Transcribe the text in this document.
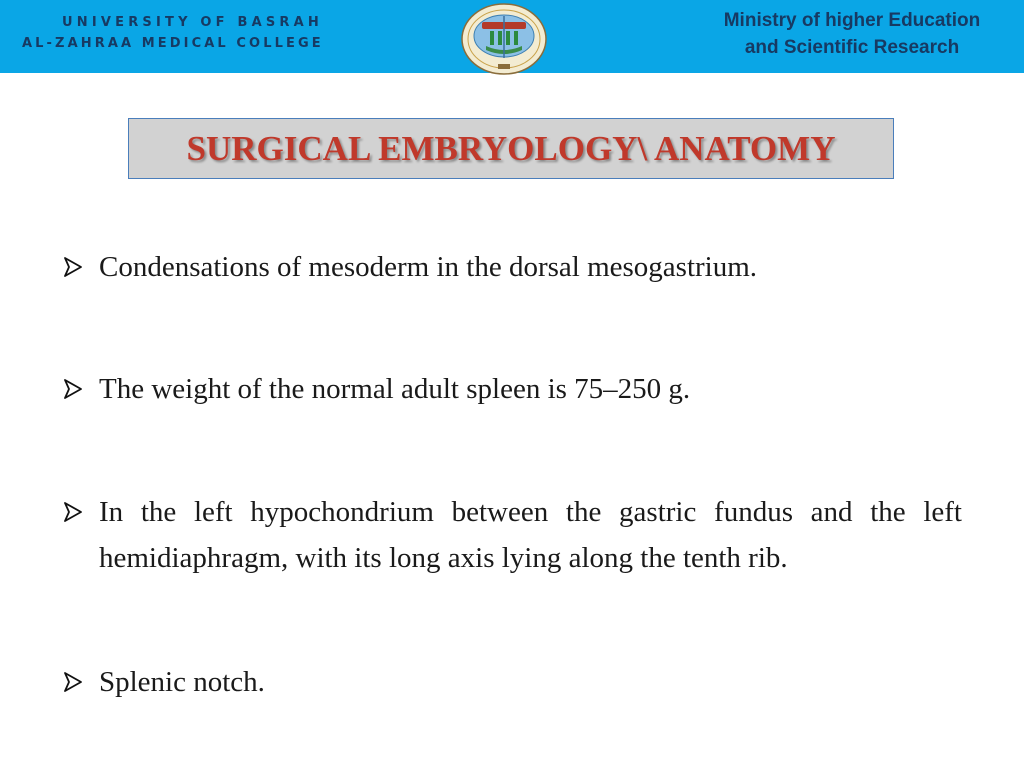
UNIVERSITY OF BASRAH
AL-ZAHRAA MEDICAL COLLEGE
Ministry of higher Education
and Scientific Research
SURGICAL EMBRYOLOGY\ ANATOMY
Condensations of mesoderm in the dorsal mesogastrium.
The weight of the normal adult spleen is 75–250 g.
In the left hypochondrium between the gastric fundus and the left hemidiaphragm, with its long axis lying along the tenth rib.
Splenic notch.
